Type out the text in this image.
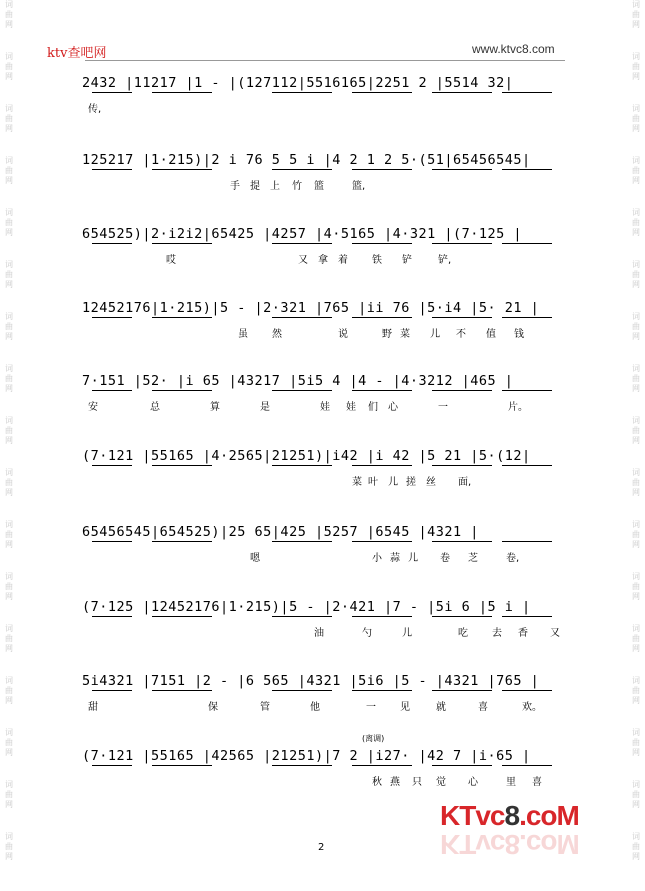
词
曲
网
词
曲
网
词
曲
网
词
曲
网
词
曲
网
词
曲
网
词
曲
网
词
曲
网
词
曲
网
词
曲
网
词
曲
网
词
曲
网
词
曲
网
词
曲
网
词
曲
网
词
曲
网
词
曲
网
词
曲
网
词
曲
网
词
曲
网
词
曲
网
词
曲
网
词
曲
网
词
曲
网
词
曲
网
词
曲
网
词
曲
网
词
曲
网
词
曲
网
词
曲
网
词
曲
网
词
曲
网
词
曲
网
词
曲
网
ktv查吧网	www.ktvc8.com
2432 |11217 |1 - |(127112|5516165|2251 2 |5514 32|
传,
125217 |1·215)|2 i 76 5 5 i |4 2 1 2 5·(51|65456545|
手 提 上 竹 篮	篮,
654525)|2·i2i2|65425 |4257 |4·5165 |4·321 |(7·125 |
哎	又 拿 着 铁 铲	铲,
12452176|1·215)|5 - |2·321 |765 |ii 76 |5·i4 |5· 21 |
虽 然	说	野 菜 儿 不 值 钱
7·151 |52· |i 65 |43217 |5i5 4 |4 - |4·3212 |465 |
安	总	算	是	娃 娃 们 心	一	片。
(7·121 |55165 |4·2565|21251)|i42 |i 42 |5 21 |5·(12|
菜 叶 儿 搓 丝 面,
65456545|654525)|25 65|425 |5257 |6545 |4321 |
嗯	小 蒜 儿 卷 芝	卷,
(7·125 |12452176|1·215)|5 - |2·421 |7 - |5i 6 |5 i |
油	勺	儿	吃 去 香 又
5i4321 |7151 |2 - |6 565 |4321 |5i6 |5 - |4321 |765 |
甜	保	管	他	一 见	就	喜	欢。
(7·121 |55165 |42565 |21251)|7 2 |i27· |42 7 |i·65 |
秋 燕 只 觉 心	里 喜
(离调)
2
KTvc8.coM
KTvc8.coM
